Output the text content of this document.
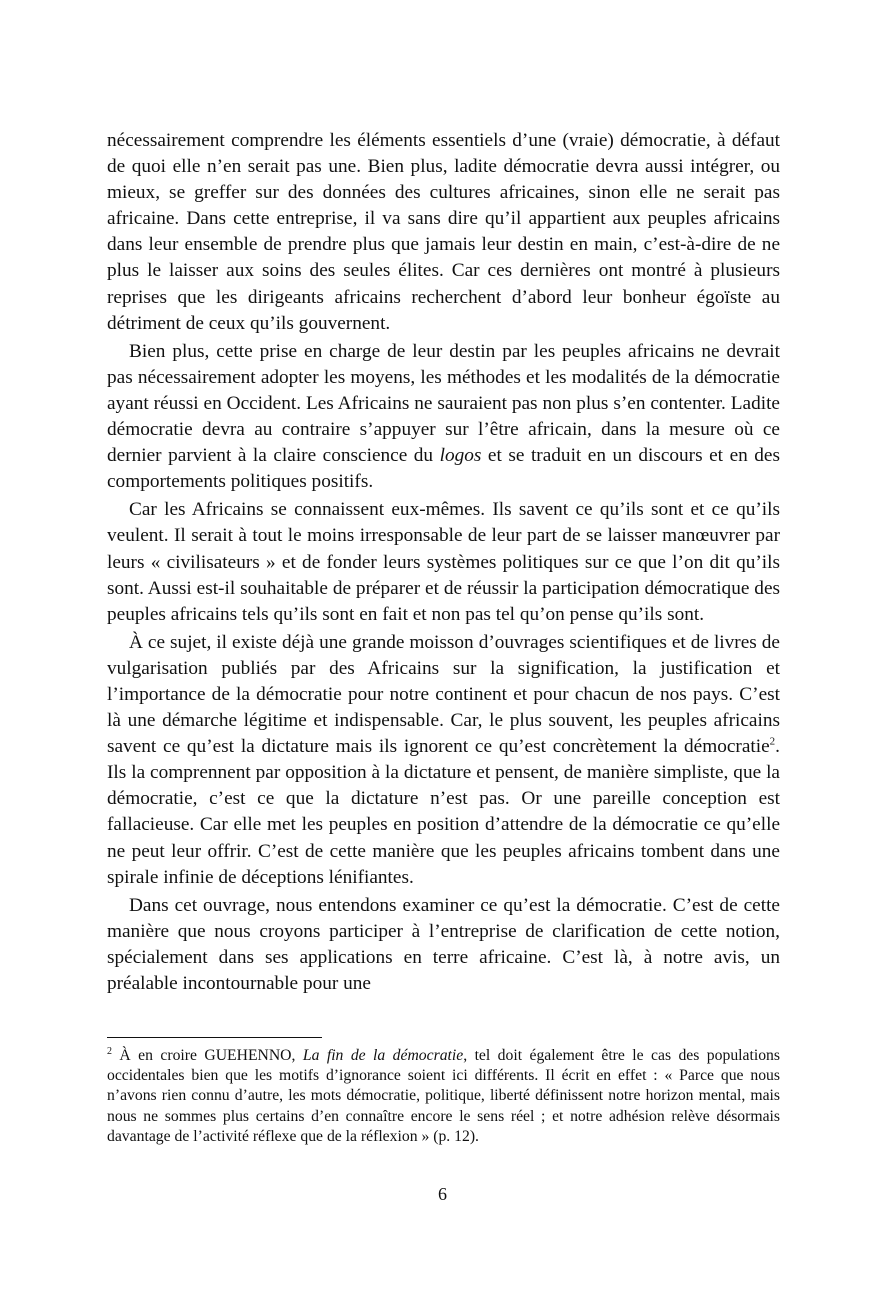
nécessairement comprendre les éléments essentiels d’une (vraie) démocratie, à défaut de quoi elle n’en serait pas une. Bien plus, ladite démocratie devra aussi intégrer, ou mieux, se greffer sur des données des cultures africaines, sinon elle ne serait pas africaine. Dans cette entreprise, il va sans dire qu’il appartient aux peuples africains dans leur ensemble de prendre plus que jamais leur destin en main, c’est-à-dire de ne plus le laisser aux soins des seules élites. Car ces dernières ont montré à plusieurs reprises que les dirigeants africains recherchent d’abord leur bonheur égoïste au détriment de ceux qu’ils gouvernent.

Bien plus, cette prise en charge de leur destin par les peuples africains ne devrait pas nécessairement adopter les moyens, les méthodes et les modalités de la démocratie ayant réussi en Occident. Les Africains ne sauraient pas non plus s’en contenter. Ladite démocratie devra au contraire s’appuyer sur l’être africain, dans la mesure où ce dernier parvient à la claire conscience du logos et se traduit en un discours et en des comportements politiques positifs.

Car les Africains se connaissent eux-mêmes. Ils savent ce qu’ils sont et ce qu’ils veulent. Il serait à tout le moins irresponsable de leur part de se laisser manœuvrer par leurs « civilisateurs » et de fonder leurs systèmes politiques sur ce que l’on dit qu’ils sont. Aussi est-il souhaitable de préparer et de réussir la participation démocratique des peuples africains tels qu’ils sont en fait et non pas tel qu’on pense qu’ils sont.

À ce sujet, il existe déjà une grande moisson d’ouvrages scientifiques et de livres de vulgarisation publiés par des Africains sur la signification, la justification et l’importance de la démocratie pour notre continent et pour chacun de nos pays. C’est là une démarche légitime et indispensable. Car, le plus souvent, les peuples africains savent ce qu’est la dictature mais ils ignorent ce qu’est concrètement la démocratie$^2$. Ils la comprennent par opposition à la dictature et pensent, de manière simpliste, que la démocratie, c’est ce que la dictature n’est pas. Or une pareille conception est fallacieuse. Car elle met les peuples en position d’attendre de la démocratie ce qu’elle ne peut leur offrir. C’est de cette manière que les peuples africains tombent dans une spirale infinie de déceptions lénifiantes.

Dans cet ouvrage, nous entendons examiner ce qu’est la démocratie. C’est de cette manière que nous croyons participer à l’entreprise de clarification de cette notion, spécialement dans ses applications en terre africaine. C’est là, à notre avis, un préalable incontournable pour une

$^2$ À en croire GUEHENNO, La fin de la démocratie, tel doit également être le cas des populations occidentales bien que les motifs d’ignorance soient ici différents. Il écrit en effet : « Parce que nous n’avons rien connu d’autre, les mots démocratie, politique, liberté définissent notre horizon mental, mais nous ne sommes plus certains d’en connaître encore le sens réel ; et notre adhésion relève désormais davantage de l’activité réflexe que de la réflexion » (p. 12).
6
